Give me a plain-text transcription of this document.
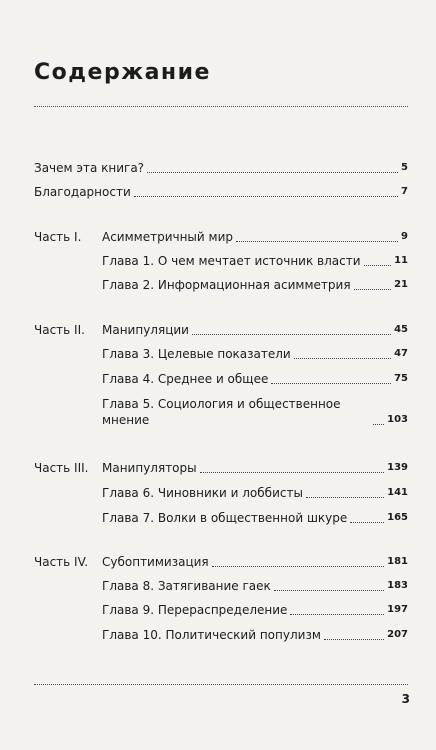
Содержание
Зачем эта книга?	5
Благодарности	7
Часть I.	Асимметричный мир	9
Глава 1. О чем мечтает источник власти	11
Глава 2. Информационная асимметрия	21
Часть II.	Манипуляции	45
Глава 3. Целевые показатели	47
Глава 4. Среднее и общее	75
Глава 5. Социология и общественное мнение	103
Часть III.	Манипуляторы	139
Глава 6. Чиновники и лоббисты	141
Глава 7. Волки в общественной шкуре	165
Часть IV.	Субоптимизация	181
Глава 8. Затягивание гаек	183
Глава 9. Перераспределение	197
Глава 10. Политический популизм	207
3
